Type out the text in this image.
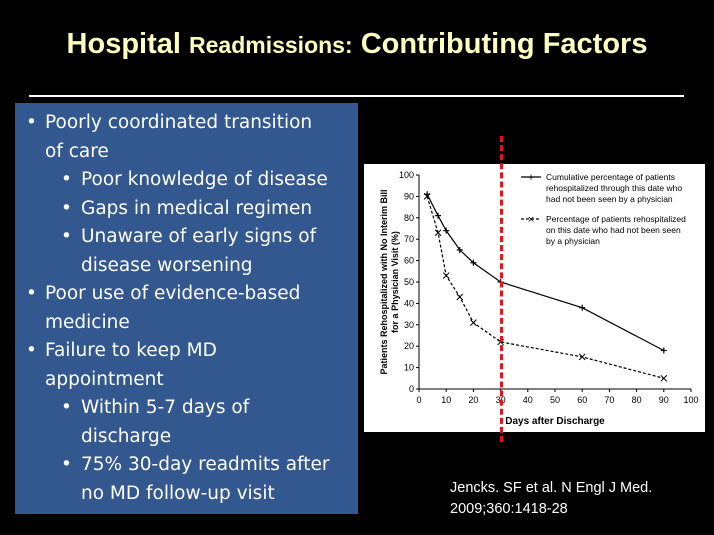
Hospital Readmissions: Contributing Factors
• Poorly coordinated transition
of care
• Poor knowledge of disease
• Gaps in medical regimen
• Unaware of early signs of
disease worsening
• Poor use of evidence-based
medicine
• Failure to keep MD
appointment
• Within 5-7 days of
discharge
• 75% 30-day readmits after
no MD follow-up visit
0 10 20 30 40 50 60 70 80 90 100
0
10
20
30
40
50
60
70
80
90
100
Days after Discharge
Patients Rehospitalized with No Interim Billfor a Physician Visit (%)
+ Cumulative percentage of patients
rehospitalized through this date who
had not been seen by a physician
× Percentage of patients rehospitalized
on this date who had not been seen
by a physician
Jencks. SF et al. N Engl J Med.
2009;360:1418-28
